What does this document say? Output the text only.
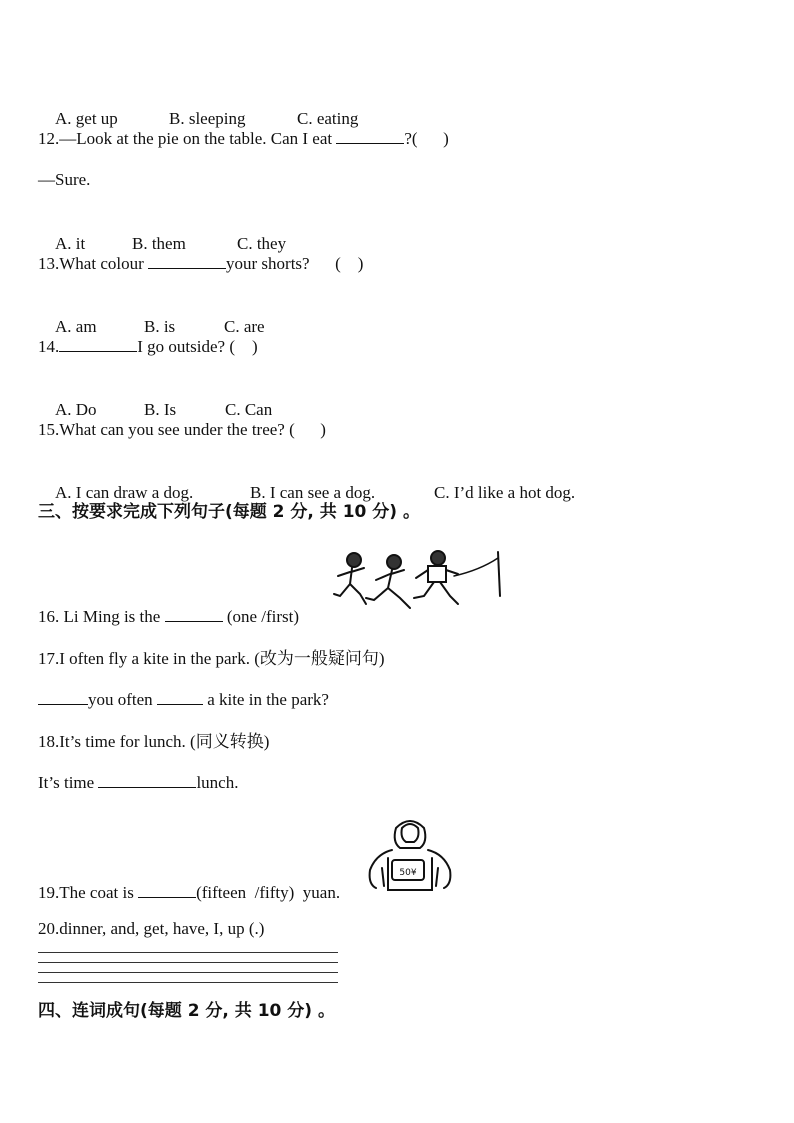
A. get up	B. sleeping	C. eating

12.—Look at the pie on the table. Can I eat	?(      )
—Sure.

A. it	B. them	C. they

13.What colour	your shorts?      (    )

A. am	B. is	C. are

14.	I go outside? (    )

A. Do	B. Is	C. Can

15.What can you see under the tree? (      )

A. I can draw a dog.	B. I can see a dog.	C. I’d like a hot dog.

三、按要求完成下列句子(每题 2 分, 共 10 分) 。
16. Li Ming is the	(one /first)
17.I often fly a kite in the park. (改为一般疑问句)
you often	a kite in the park?
18.It’s time for lunch. (同义转换)
It’s time	lunch.
50¥
19.The coat is	(fifteen  /fifty)  yuan.
20.dinner, and, get, have, I, up (.)
四、连词成句(每题 2 分, 共 10 分) 。
